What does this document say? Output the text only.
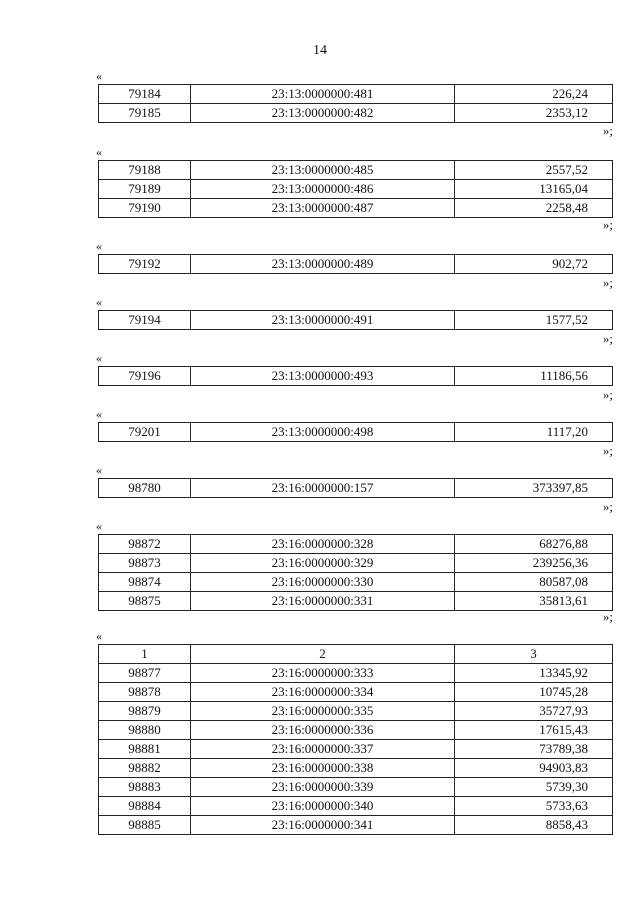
14
«
79184	23:13:0000000:481	226,24
79185	23:13:0000000:482	2353,12
»;
«
79188	23:13:0000000:485	2557,52
79189	23:13:0000000:486	13165,04
79190	23:13:0000000:487	2258,48
»;
«
79192	23:13:0000000:489	902,72
»;
«
79194	23:13:0000000:491	1577,52
»;
«
79196	23:13:0000000:493	11186,56
»;
«
79201	23:13:0000000:498	1117,20
»;
«
98780	23:16:0000000:157	373397,85
»;
«
98872	23:16:0000000:328	68276,88
98873	23:16:0000000:329	239256,36
98874	23:16:0000000:330	80587,08
98875	23:16:0000000:331	35813,61
»;
«
1	2	3
98877	23:16:0000000:333	13345,92
98878	23:16:0000000:334	10745,28
98879	23:16:0000000:335	35727,93
98880	23:16:0000000:336	17615,43
98881	23:16:0000000:337	73789,38
98882	23:16:0000000:338	94903,83
98883	23:16:0000000:339	5739,30
98884	23:16:0000000:340	5733,63
98885	23:16:0000000:341	8858,43
